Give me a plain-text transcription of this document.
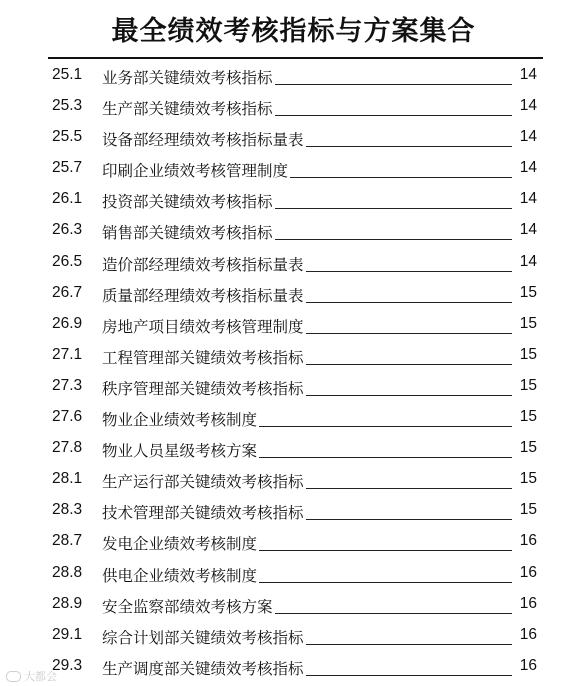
最全绩效考核指标与方案集合
25.1	业务部关键绩效考核指标	14
25.3	生产部关键绩效考核指标	14
25.5	设备部经理绩效考核指标量表	14
25.7	印刷企业绩效考核管理制度	14
26.1	投资部关键绩效考核指标	14
26.3	销售部关键绩效考核指标	14
26.5	造价部经理绩效考核指标量表	14
26.7	质量部经理绩效考核指标量表	15
26.9	房地产项目绩效考核管理制度	15
27.1	工程管理部关键绩效考核指标	15
27.3	秩序管理部关键绩效考核指标	15
27.6	物业企业绩效考核制度	15
27.8	物业人员星级考核方案	15
28.1	生产运行部关键绩效考核指标	15
28.3	技术管理部关键绩效考核指标	15
28.7	发电企业绩效考核制度	16
28.8	供电企业绩效考核制度	16
28.9	安全监察部绩效考核方案	16
29.1	综合计划部关键绩效考核指标	16
29.3	生产调度部关键绩效考核指标	16
大都会
